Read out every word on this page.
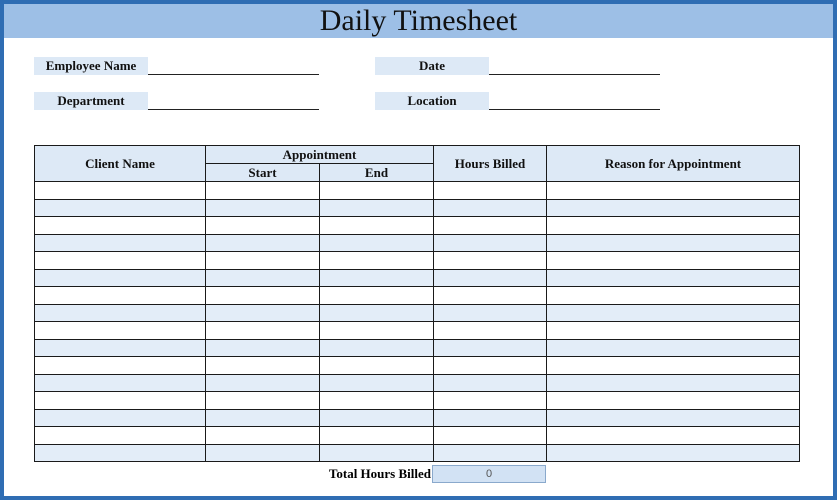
Daily Timesheet
Employee Name	Date
Department	Location
Client Name	Appointment		Hours Billed	Reason for Appointment
	Start	End		

Total Hours Billed	0
